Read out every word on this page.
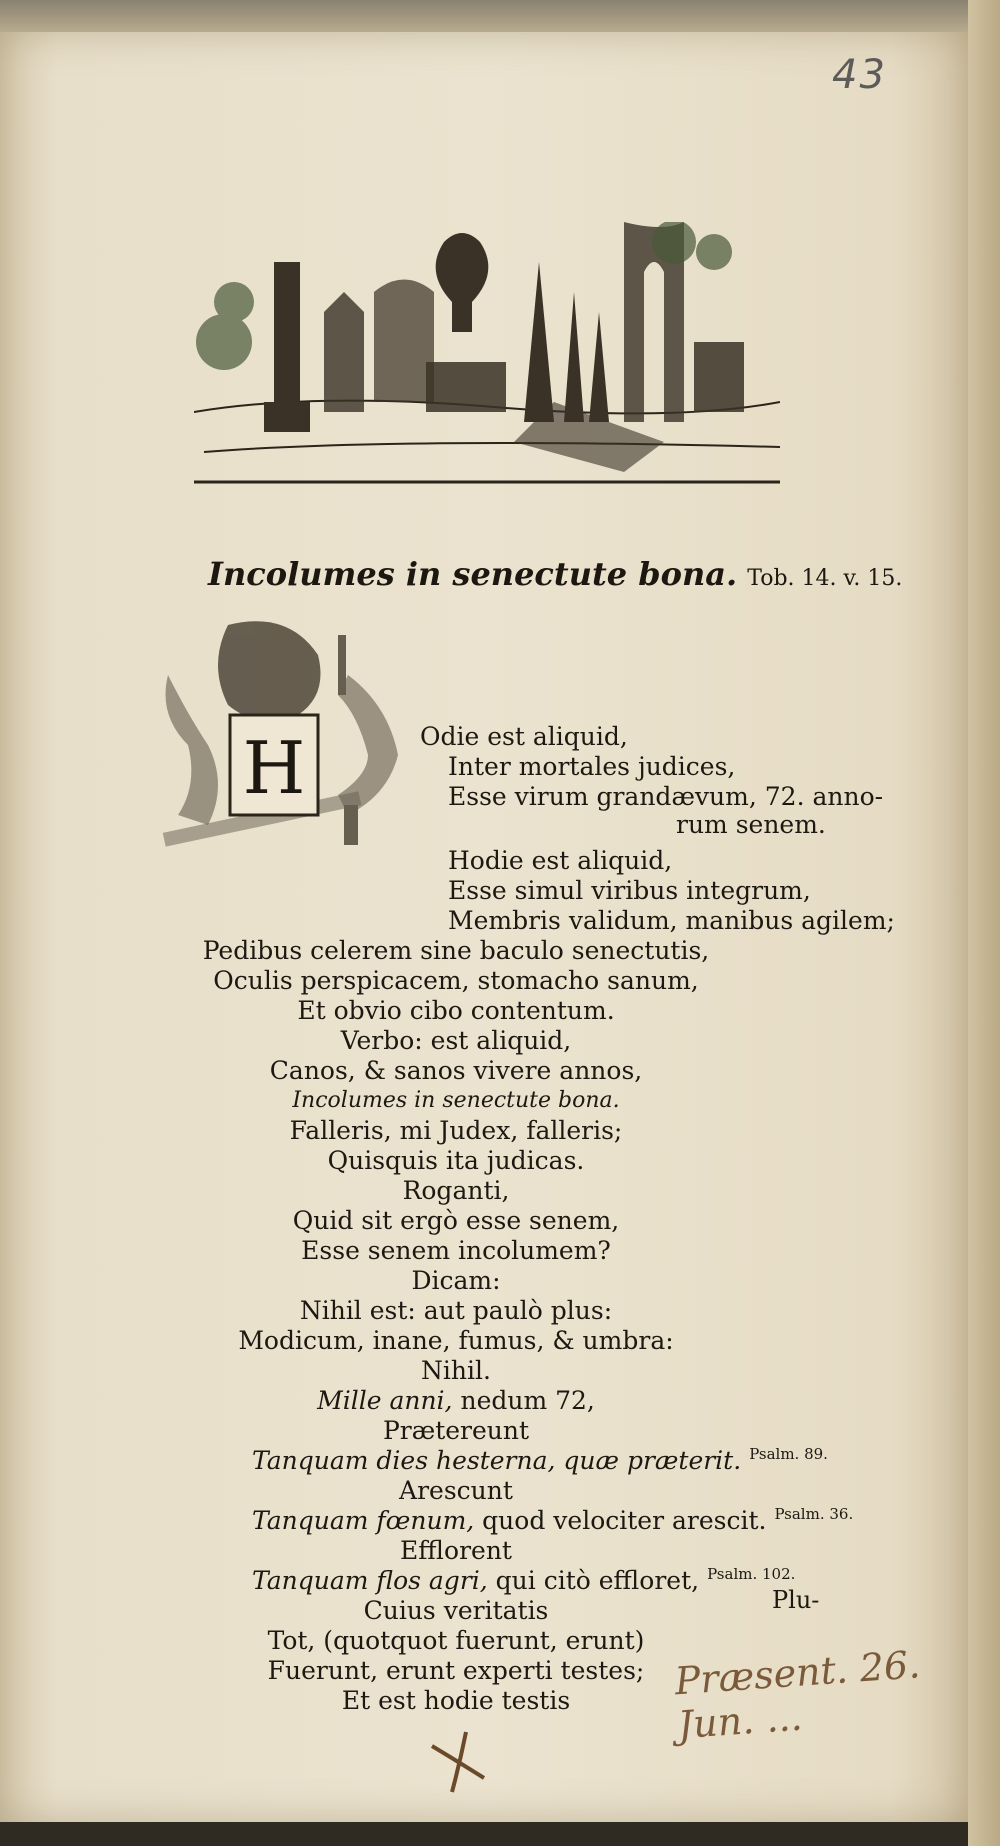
43
Incolumes in senectute bona. Tob. 14. v. 15.
H	Odie est aliquid,
Inter mortales judices,
Esse virum grandævum, 72. anno-
rum senem.
Hodie est aliquid,
Esse simul viribus integrum,
Membris validum, manibus agilem;
Pedibus celerem sine baculo senectutis,
Oculis perspicacem, stomacho sanum,
Et obvio cibo contentum.
Verbo: est aliquid,
Canos, & sanos vivere annos,
Incolumes in senectute bona.
Falleris, mi Judex, falleris;
Quisquis ita judicas.
Roganti,
Quid sit ergò esse senem,
Esse senem incolumem?
Dicam:
Nihil est: aut paulò plus:
Modicum, inane, fumus, & umbra:
Nihil.
Mille anni, nedum 72,
Prætereunt
Tanquam dies hesterna, quæ præterit. $^{Psalm. 89.}$
Arescunt
Tanquam fœnum, quod velociter arescit. $^{Psalm. 36.}$
Efflorent
Tanquam flos agri, qui citò effloret, $^{Psalm. 102.}$
Cuius veritatis
Tot, (quotquot fuerunt, erunt)
Fuerunt, erunt experti testes;
Et est hodie testis
Plu-
Præsent. 26. Jun. ...
